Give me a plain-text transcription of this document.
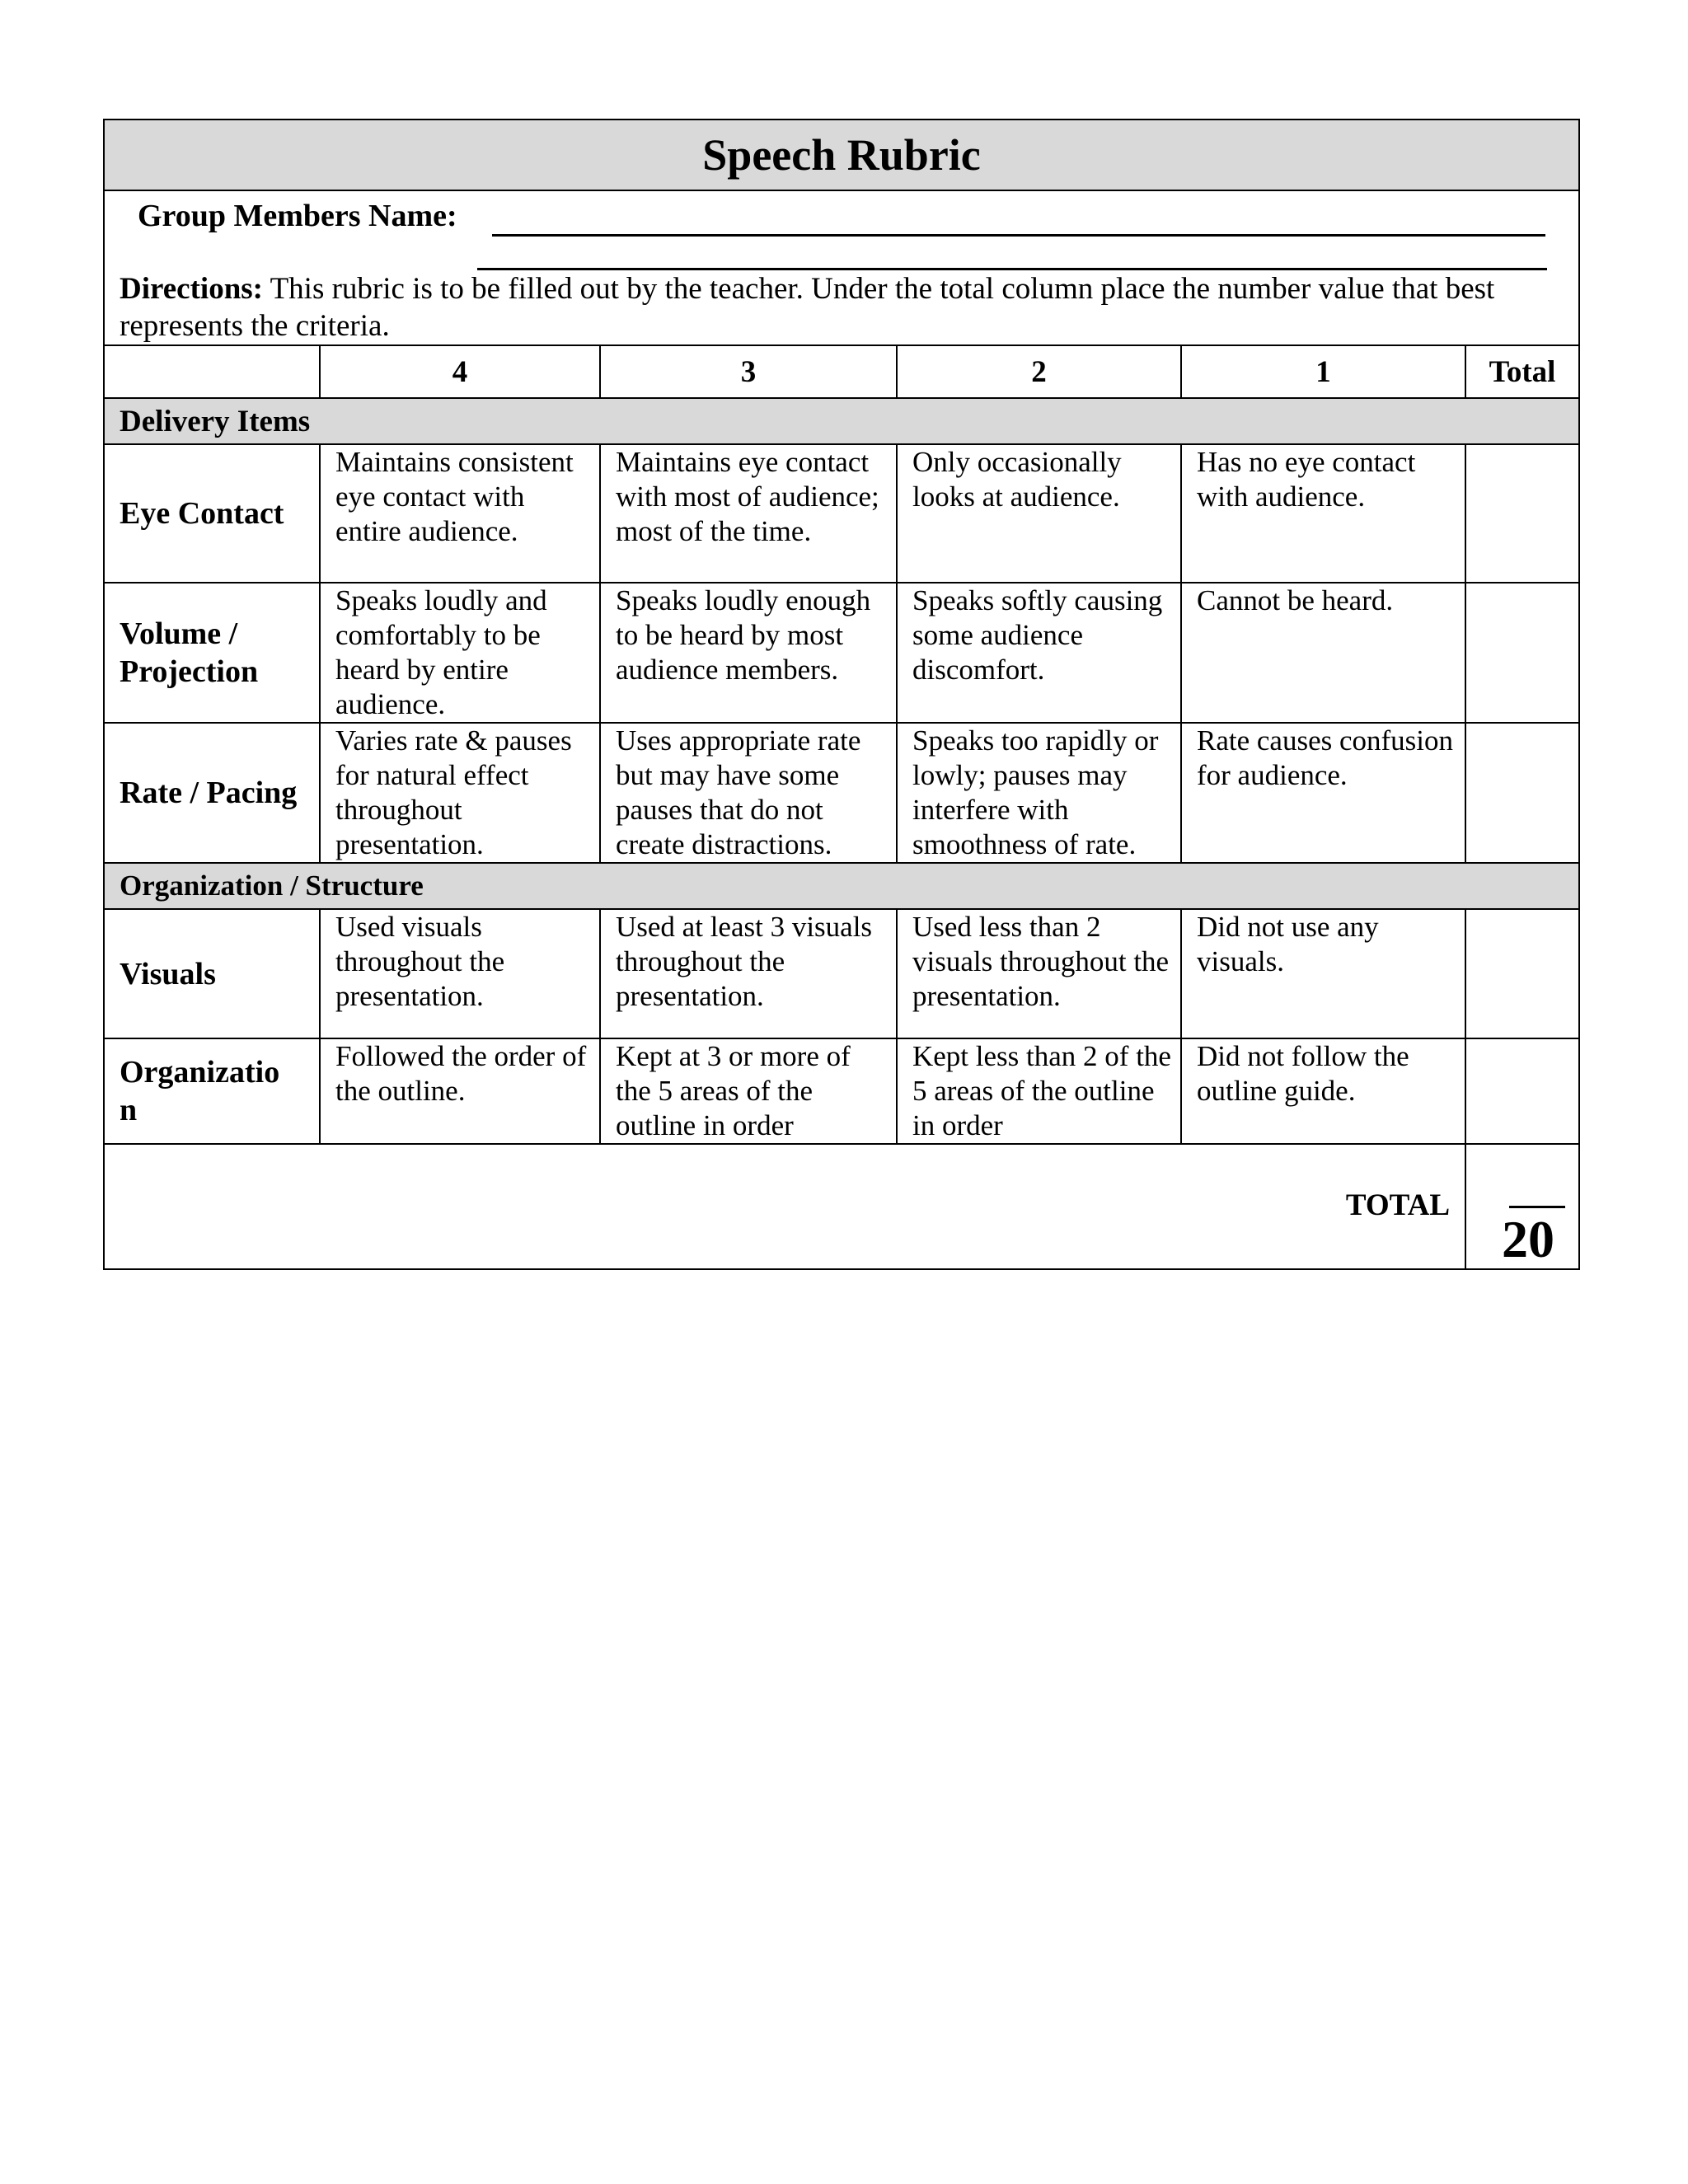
Speech Rubric					

Group Members Name:
Directions: This rubric is to be filled out by the teacher. Under the total column place the number value that best represents the criteria.					

	4	3	2	1	Total
Delivery Items					
Eye Contact	Maintains consistent eye contact with entire audience.	Maintains eye contact with most of audience; most of the time.	Only occasionally looks at audience.	Has no eye contact with audience.	
Volume / Projection	Speaks loudly and comfortably to be heard by entire audience.	Speaks loudly enough to be heard by most audience members.	Speaks softly causing some audience discomfort.	Cannot be heard.	
Rate / Pacing	Varies rate & pauses for natural effect throughout presentation.	Uses appropriate rate but may have some pauses that do not create distractions.	Speaks too rapidly or lowly; pauses may interfere with smoothness of rate.	Rate causes confusion for audience.	
Organization / Structure					
Visuals	Used visuals throughout the presentation.	Used at least 3 visuals throughout the presentation.	Used less than 2 visuals throughout the presentation.	Did not use any visuals.	

Organizatio n	Followed the order of the outline.	Kept at 3 or more of the 5 areas of the outline in order	Kept less than 2 of the 5 areas of the outline in order	Did not follow the outline guide.	
TOTAL					20
